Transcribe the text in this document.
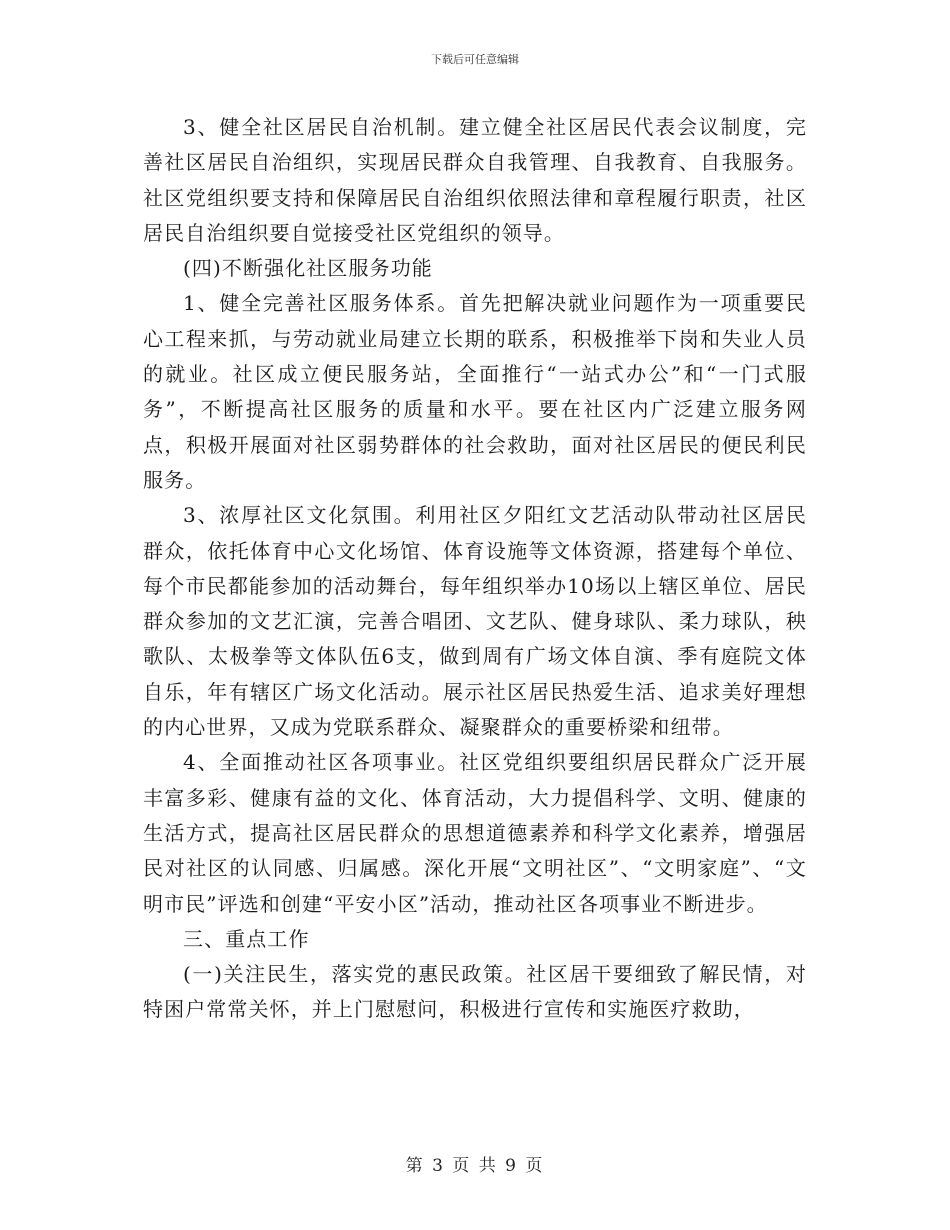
下载后可任意编辑

3、健全社区居民自治机制。建立健全社区居民代表会议制度，完善社区居民自治组织，实现居民群众自我管理、自我教育、自我服务。社区党组织要支持和保障居民自治组织依照法律和章程履行职责，社区居民自治组织要自觉接受社区党组织的领导。

(四)不断强化社区服务功能

1、健全完善社区服务体系。首先把解决就业问题作为一项重要民心工程来抓，与劳动就业局建立长期的联系，积极推举下岗和失业人员的就业。社区成立便民服务站，全面推行“一站式办公”和“一门式服务”，不断提高社区服务的质量和水平。要在社区内广泛建立服务网点，积极开展面对社区弱势群体的社会救助，面对社区居民的便民利民服务。

3、浓厚社区文化氛围。利用社区夕阳红文艺活动队带动社区居民群众，依托体育中心文化场馆、体育设施等文体资源，搭建每个单位、每个市民都能参加的活动舞台，每年组织举办10场以上辖区单位、居民群众参加的文艺汇演，完善合唱团、文艺队、健身球队、柔力球队，秧歌队、太极拳等文体队伍6支，做到周有广场文体自演、季有庭院文体自乐，年有辖区广场文化活动。展示社区居民热爱生活、追求美好理想的内心世界，又成为党联系群众、凝聚群众的重要桥梁和纽带。

4、全面推动社区各项事业。社区党组织要组织居民群众广泛开展丰富多彩、健康有益的文化、体育活动，大力提倡科学、文明、健康的生活方式，提高社区居民群众的思想道德素养和科学文化素养，增强居民对社区的认同感、归属感。深化开展“文明社区”、“文明家庭”、“文明市民”评选和创建“平安小区”活动，推动社区各项事业不断进步。

三、重点工作

(一)关注民生，落实党的惠民政策。社区居干要细致了解民情，对特困户常常关怀，并上门慰慰问，积极进行宣传和实施医疗救助，

第 3 页 共 9 页
